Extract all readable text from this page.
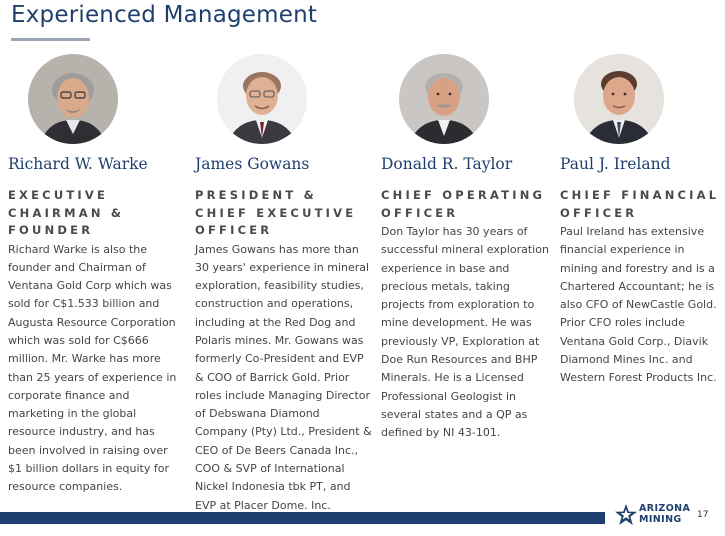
Experienced Management
Richard W. Warke
EXECUTIVE CHAIRMAN & FOUNDER
Richard Warke is also the founder and Chairman of Ventana Gold Corp which was sold for C$1.533 billion and Augusta Resource Corporation which was sold for C$666 million. Mr. Warke has more than 25 years of experience in corporate finance and marketing in the global resource industry, and has been involved in raising over $1 billion dollars in equity for resource companies.
James Gowans
PRESIDENT & CHIEF EXECUTIVE OFFICER
James Gowans has more than 30 years' experience in mineral exploration, feasibility studies, construction and operations, including at the Red Dog and Polaris mines. Mr. Gowans was formerly Co-President and EVP & COO of Barrick Gold. Prior roles include Managing Director of Debswana Diamond Company (Pty) Ltd., President & CEO of De Beers Canada Inc., COO & SVP of International Nickel Indonesia tbk PT, and EVP at Placer Dome. Inc.
Donald R. Taylor
CHIEF OPERATING OFFICER
Don Taylor has 30 years of successful mineral exploration experience in base and precious metals, taking projects from exploration to mine development. He was previously VP, Exploration at Doe Run Resources and BHP Minerals. He is a Licensed Professional Geologist in several states and a QP as defined by NI 43-101.
Paul J. Ireland
CHIEF FINANCIAL OFFICER
Paul Ireland has extensive financial experience in mining and forestry and is a Chartered Accountant; he is also CFO of NewCastle Gold. Prior CFO roles include Ventana Gold Corp., Diavik Diamond Mines Inc. and Western Forest Products Inc.
ARIZONA
MINING	17
